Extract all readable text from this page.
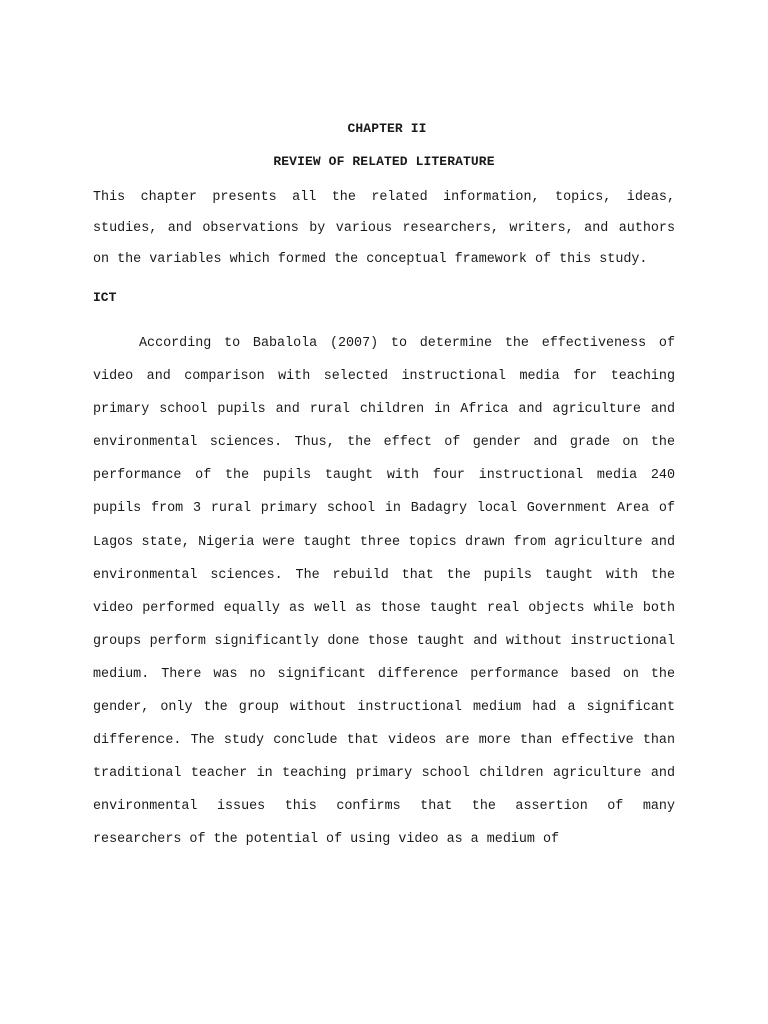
CHAPTER II
REVIEW OF RELATED LITERATURE
This chapter presents all the related information, topics, ideas, studies, and observations by various researchers, writers, and authors on the variables which formed the conceptual framework of this study.
ICT
According to Babalola (2007) to determine the effectiveness of video and comparison with selected instructional media for teaching primary school pupils and rural children in Africa and agriculture and environmental sciences. Thus, the effect of gender and grade on the performance of the pupils taught with four instructional media 240 pupils from 3 rural primary school in Badagry local Government Area of Lagos state, Nigeria were taught three topics drawn from agriculture and environmental sciences. The rebuild that the pupils taught with the video performed equally as well as those taught real objects while both groups perform significantly done those taught and without instructional medium. There was no significant difference performance based on the gender, only the group without instructional medium had a significant difference. The study conclude that videos are more than effective than traditional teacher in teaching primary school children agriculture and environmental issues this confirms that the assertion of many researchers of the potential of using video as a medium of
